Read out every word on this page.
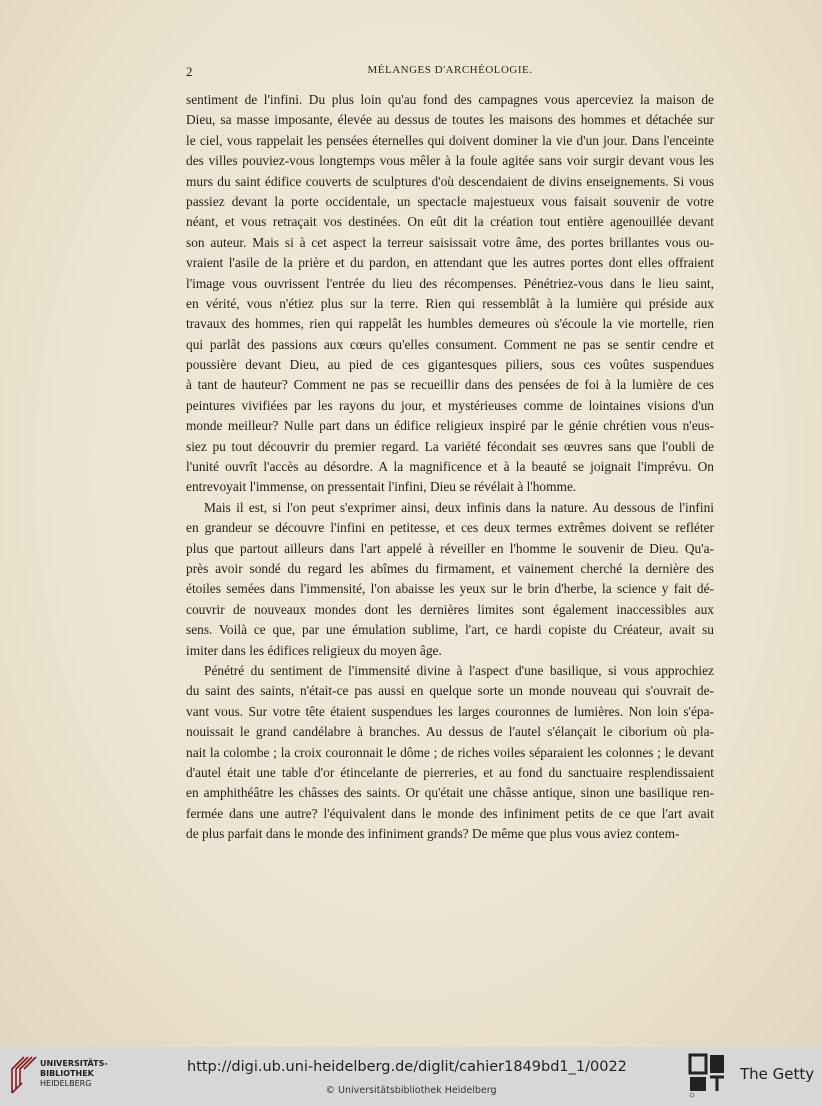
2	MÉLANGES D'ARCHÉOLOGIE.
sentiment de l'infini. Du plus loin qu'au fond des campagnes vous aperceviez la maison de
Dieu, sa masse imposante, élevée au dessus de toutes les maisons des hommes et détachée sur
le ciel, vous rappelait les pensées éternelles qui doivent dominer la vie d'un jour. Dans l'enceinte
des villes pouviez-vous longtemps vous mêler à la foule agitée sans voir surgir devant vous les
murs du saint édifice couverts de sculptures d'où descendaient de divins enseignements. Si vous
passiez devant la porte occidentale, un spectacle majestueux vous faisait souvenir de votre
néant, et vous retraçait vos destinées. On eût dit la création tout entière agenouillée devant
son auteur. Mais si à cet aspect la terreur saisissait votre âme, des portes brillantes vous ou-
vraient l'asile de la prière et du pardon, en attendant que les autres portes dont elles offraient
l'image vous ouvrissent l'entrée du lieu des récompenses. Pénétriez-vous dans le lieu saint,
en vérité, vous n'étiez plus sur la terre. Rien qui ressemblât à la lumière qui préside aux
travaux des hommes, rien qui rappelât les humbles demeures où s'écoule la vie mortelle, rien
qui parlât des passions aux cœurs qu'elles consument. Comment ne pas se sentir cendre et
poussière devant Dieu, au pied de ces gigantesques piliers, sous ces voûtes suspendues
à tant de hauteur? Comment ne pas se recueillir dans des pensées de foi à la lumière de ces
peintures vivifiées par les rayons du jour, et mystérieuses comme de lointaines visions d'un
monde meilleur? Nulle part dans un édifice religieux inspiré par le génie chrétien vous n'eus-
siez pu tout découvrir du premier regard. La variété fécondait ses œuvres sans que l'oubli de
l'unité ouvrît l'accès au désordre. A la magnificence et à la beauté se joignait l'imprévu. On
entrevoyait l'immense, on pressentait l'infini, Dieu se révélait à l'homme.
Mais il est, si l'on peut s'exprimer ainsi, deux infinis dans la nature. Au dessous de l'infini
en grandeur se découvre l'infini en petitesse, et ces deux termes extrêmes doivent se refléter
plus que partout ailleurs dans l'art appelé à réveiller en l'homme le souvenir de Dieu. Qu'a-
près avoir sondé du regard les abîmes du firmament, et vainement cherché la dernière des
étoiles semées dans l'immensité, l'on abaisse les yeux sur le brin d'herbe, la science y fait dé-
couvrir de nouveaux mondes dont les dernières limites sont également inaccessibles aux
sens. Voilà ce que, par une émulation sublime, l'art, ce hardi copiste du Créateur, avait su
imiter dans les édifices religieux du moyen âge.
Pénétré du sentiment de l'immensité divine à l'aspect d'une basilique, si vous approchiez
du saint des saints, n'était-ce pas aussi en quelque sorte un monde nouveau qui s'ouvrait de-
vant vous. Sur votre tête étaient suspendues les larges couronnes de lumières. Non loin s'épa-
nouissait le grand candélabre à branches. Au dessus de l'autel s'élançait le ciborium où pla-
nait la colombe ; la croix couronnait le dôme ; de riches voiles séparaient les colonnes ; le devant
d'autel était une table d'or étincelante de pierreries, et au fond du sanctuaire resplendissaient
en amphithéâtre les châsses des saints. Or qu'était une châsse antique, sinon une basilique ren-
fermée dans une autre? l'équivalent dans le monde des infiniment petits de ce que l'art avait
de plus parfait dans le monde des infiniment grands? De même que plus vous aviez contem-
UNIVERSITÄTS-
BIBLIOTHEK
HEIDELBERG
http://digi.ub.uni-heidelberg.de/diglit/cahier1849bd1_1/0022
© Universitätsbibliothek Heidelberg
The Getty
